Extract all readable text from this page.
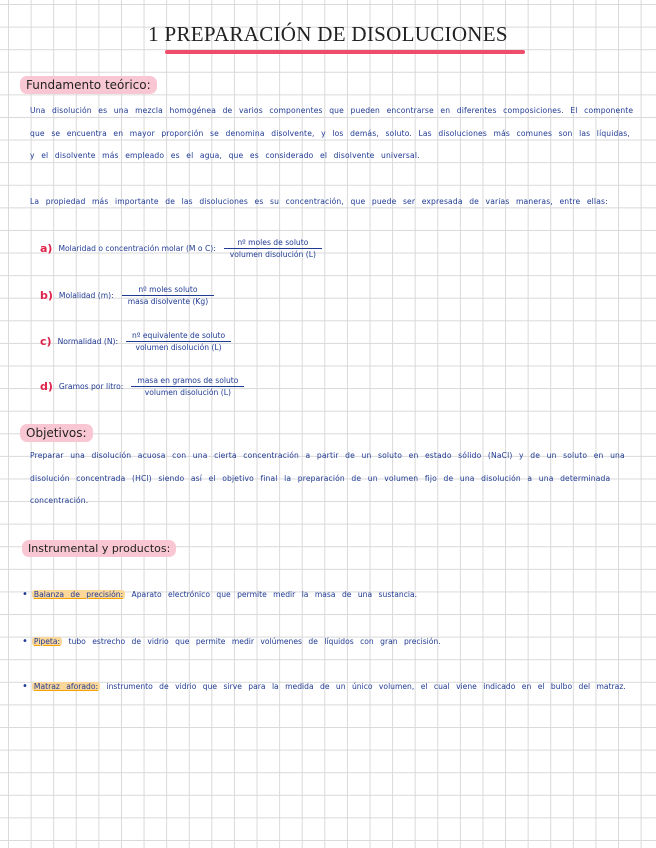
1 PREPARACIÓN DE DISOLUCIONES
Fundamento teórico:
Una disolución es una mezcla homogénea de varios componentes que pueden encontrarse en diferentes composiciones. El componente que se encuentra en mayor proporción se denomina disolvente, y los demás, soluto. Las disoluciones más comunes son las líquidas, y el disolvente más empleado es el agua, que es considerado el disolvente universal.
La propiedad más importante de las disoluciones es su concentración, que puede ser expresada de varias maneras, entre ellas:
a) Molaridad o concentración molar (M o C): $\frac{\text{nº moles de soluto}}{\text{volumen disolución (L)}}$
b) Molalidad (m): $\frac{\text{nº moles soluto}}{\text{masa disolvente (Kg)}}$
c) Normalidad (N): $\frac{\text{nº equivalente de soluto}}{\text{volumen disolución (L)}}$
d) Gramos por litro: $\frac{\text{masa en gramos de soluto}}{\text{volumen disolución (L)}}$
Objetivos:
Preparar una disolución acuosa con una cierta concentración a partir de un soluto en estado sólido (NaCl) y de un soluto en una disolución concentrada (HCl) siendo así el objetivo final la preparación de un volumen fijo de una disolución a una determinada concentración.
Instrumental y productos:
• Balanza de precisión: Aparato electrónico que permite medir la masa de una sustancia.
• Pipeta: tubo estrecho de vidrio que permite medir volúmenes de líquidos con gran precisión.
• Matraz aforado: instrumento de vidrio que sirve para la medida de un único volumen, el cual viene indicado en el bulbo del matraz.
